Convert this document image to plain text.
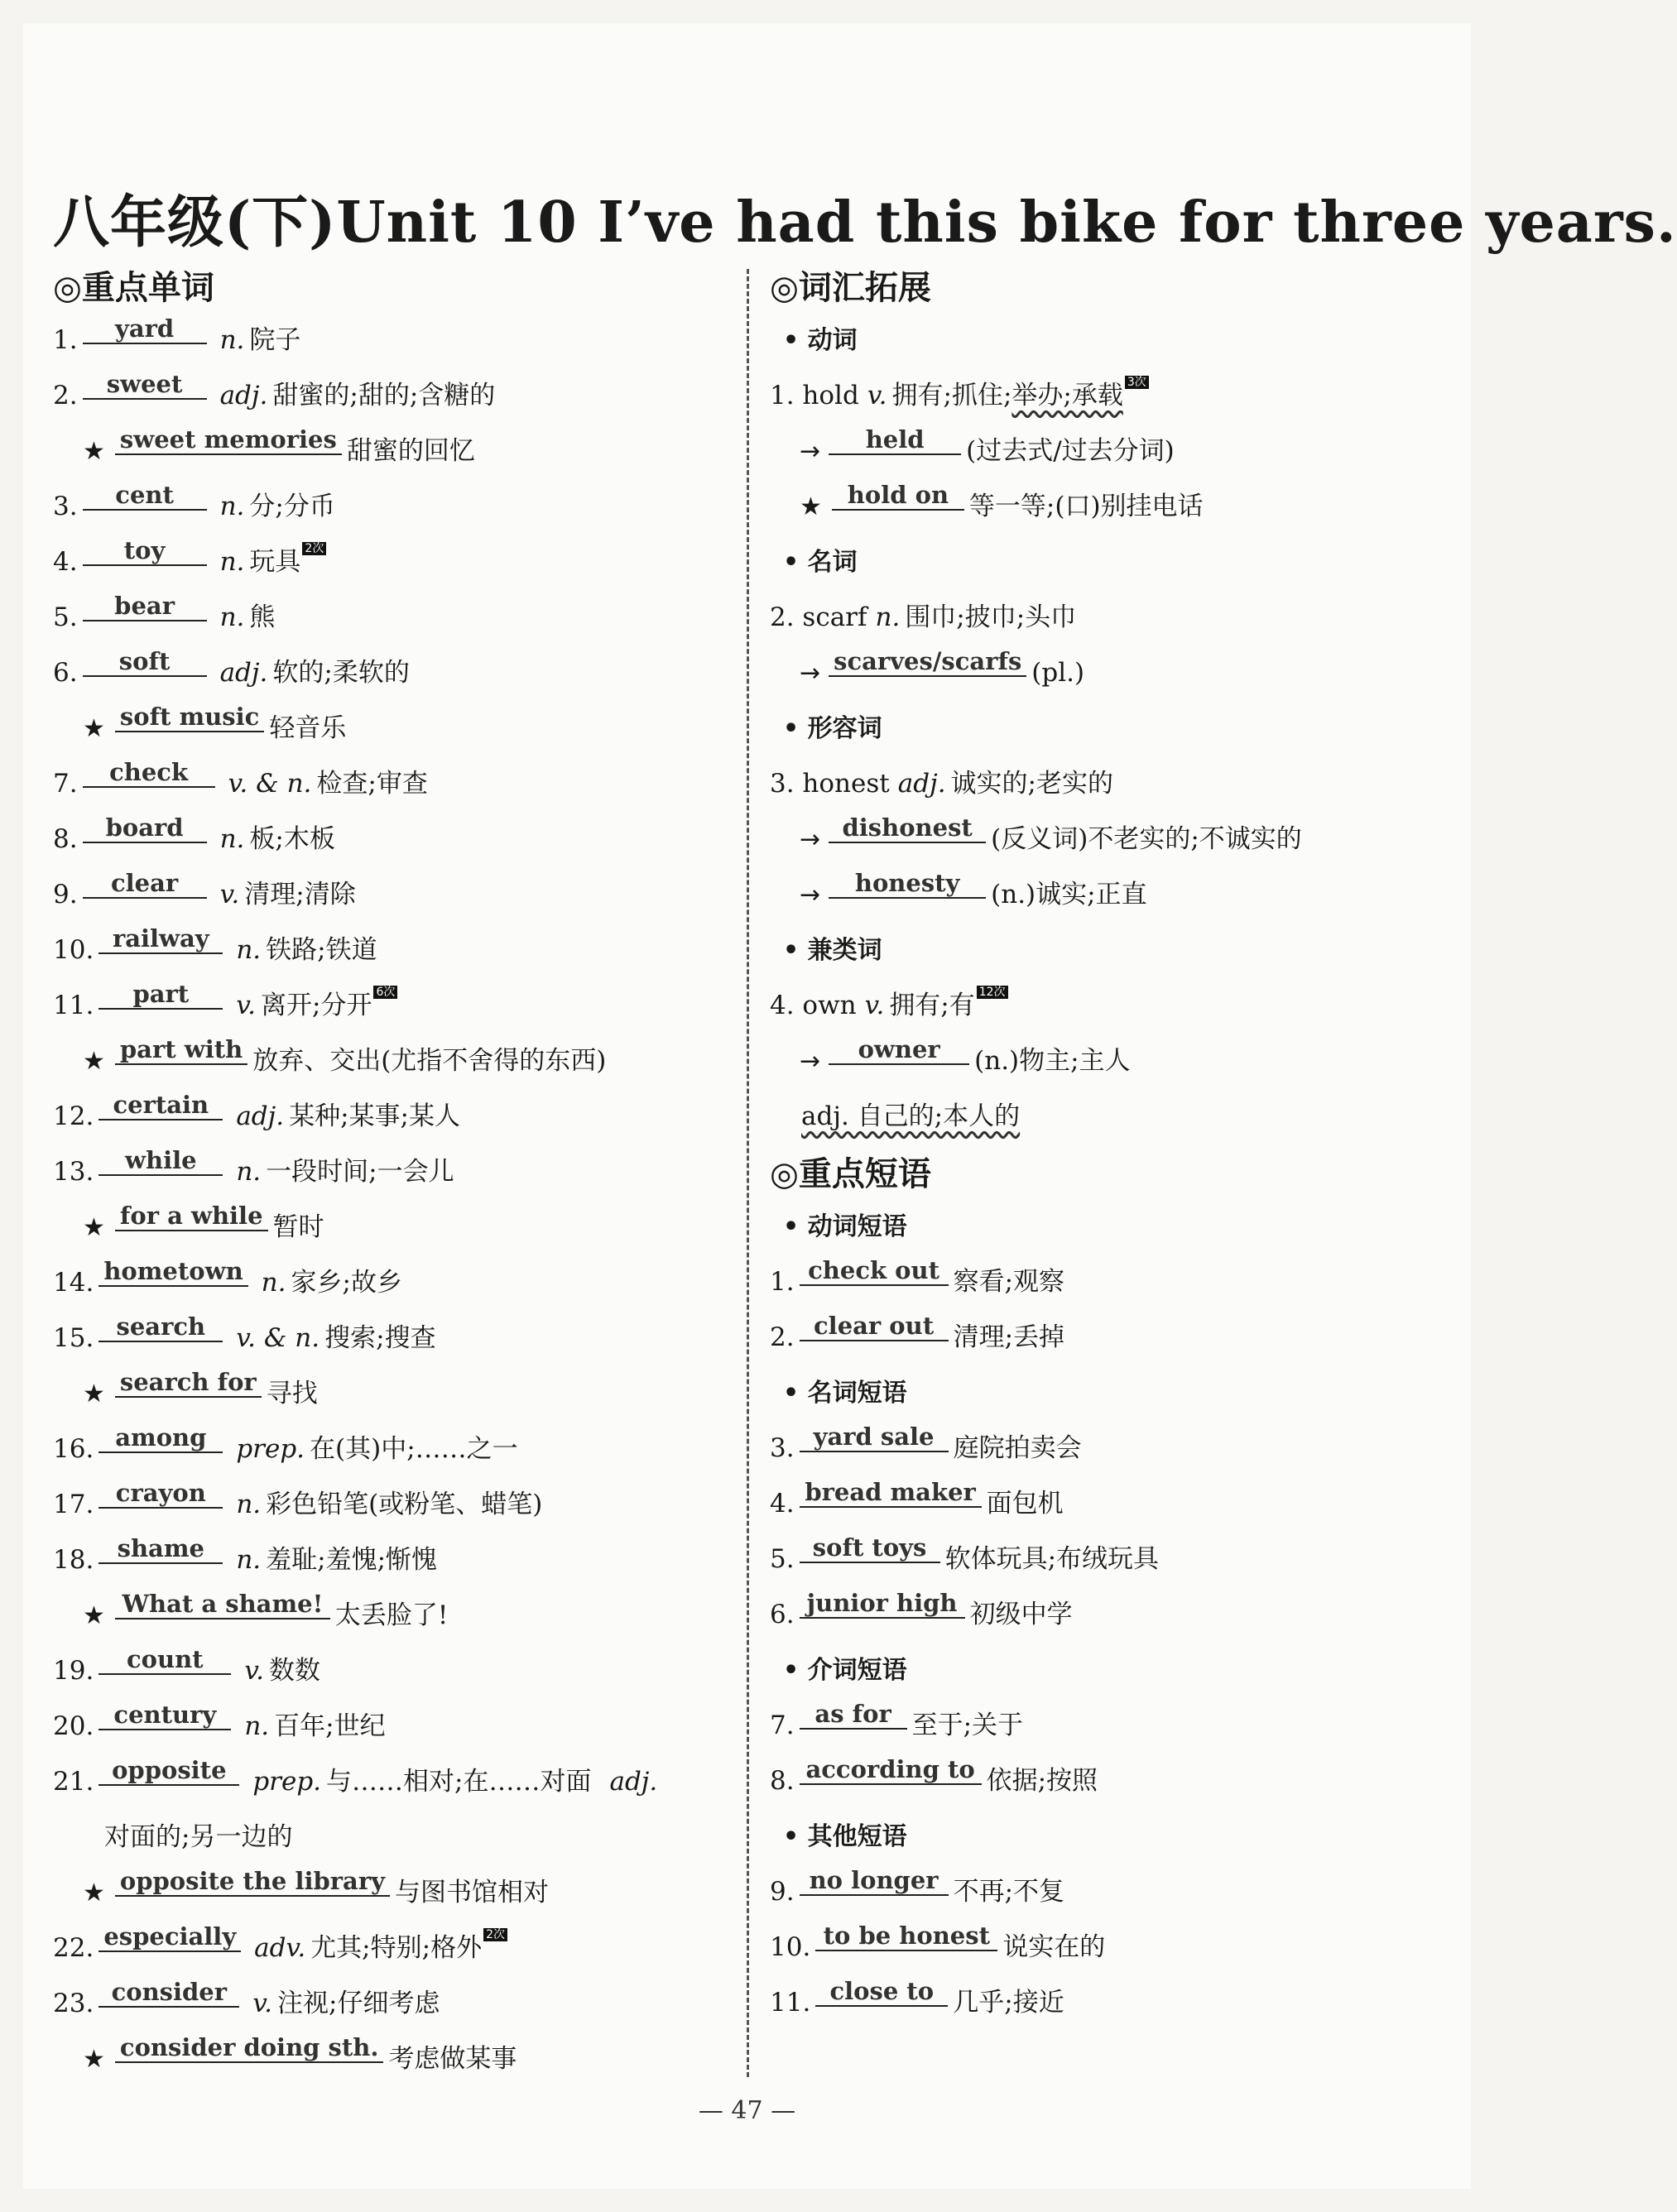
八年级(下)Unit 10 I’ve had this bike for three years.
◎重点单词
1. yard n. 院子
2. sweet adj. 甜蜜的;甜的;含糖的
★ sweet memories 甜蜜的回忆
3. cent n. 分;分币
4. toy n. 玩具 2次
5. bear n. 熊
6. soft adj. 软的;柔软的
★ soft music 轻音乐
7. check v. & n. 检查;审查
8. board n. 板;木板
9. clear v. 清理;清除
10. railway n. 铁路;铁道
11. part v. 离开;分开 6次
★ part with 放弃、交出(尤指不舍得的东西)
12. certain adj. 某种;某事;某人
13. while n. 一段时间;一会儿
★ for a while 暂时
14. hometown n. 家乡;故乡
15. search v. & n. 搜索;搜查
★ search for 寻找
16. among prep. 在(其)中;……之一
17. crayon n. 彩色铅笔(或粉笔、蜡笔)
18. shame n. 羞耻;羞愧;惭愧
★ What a shame! 太丢脸了!
19. count v. 数数
20. century n. 百年;世纪
21. opposite prep. 与……相对;在……对面 adj.
对面的;另一边的
★ opposite the library 与图书馆相对
22. especially adv. 尤其;特别;格外 2次
23. consider v. 注视;仔细考虑
★ consider doing sth. 考虑做某事
◎词汇拓展
• 动词
1. hold v. 拥有;抓住;举办;承载 3次
→ held (过去式/过去分词)
★ hold on 等一等;(口)别挂电话
• 名词
2. scarf n. 围巾;披巾;头巾
→ scarves/scarfs (pl.)
• 形容词
3. honest adj. 诚实的;老实的
→ dishonest (反义词)不老实的;不诚实的
→ honesty (n.)诚实;正直
• 兼类词
4. own v. 拥有;有 12次
→ owner (n.)物主;主人
adj. 自己的;本人的
◎重点短语
• 动词短语
1. check out 察看;观察
2. clear out 清理;丢掉
• 名词短语
3. yard sale 庭院拍卖会
4. bread maker 面包机
5. soft toys 软体玩具;布绒玩具
6. junior high 初级中学
• 介词短语
7. as for 至于;关于
8. according to 依据;按照
• 其他短语
9. no longer 不再;不复
10. to be honest 说实在的
11. close to 几乎;接近
— 47 —
